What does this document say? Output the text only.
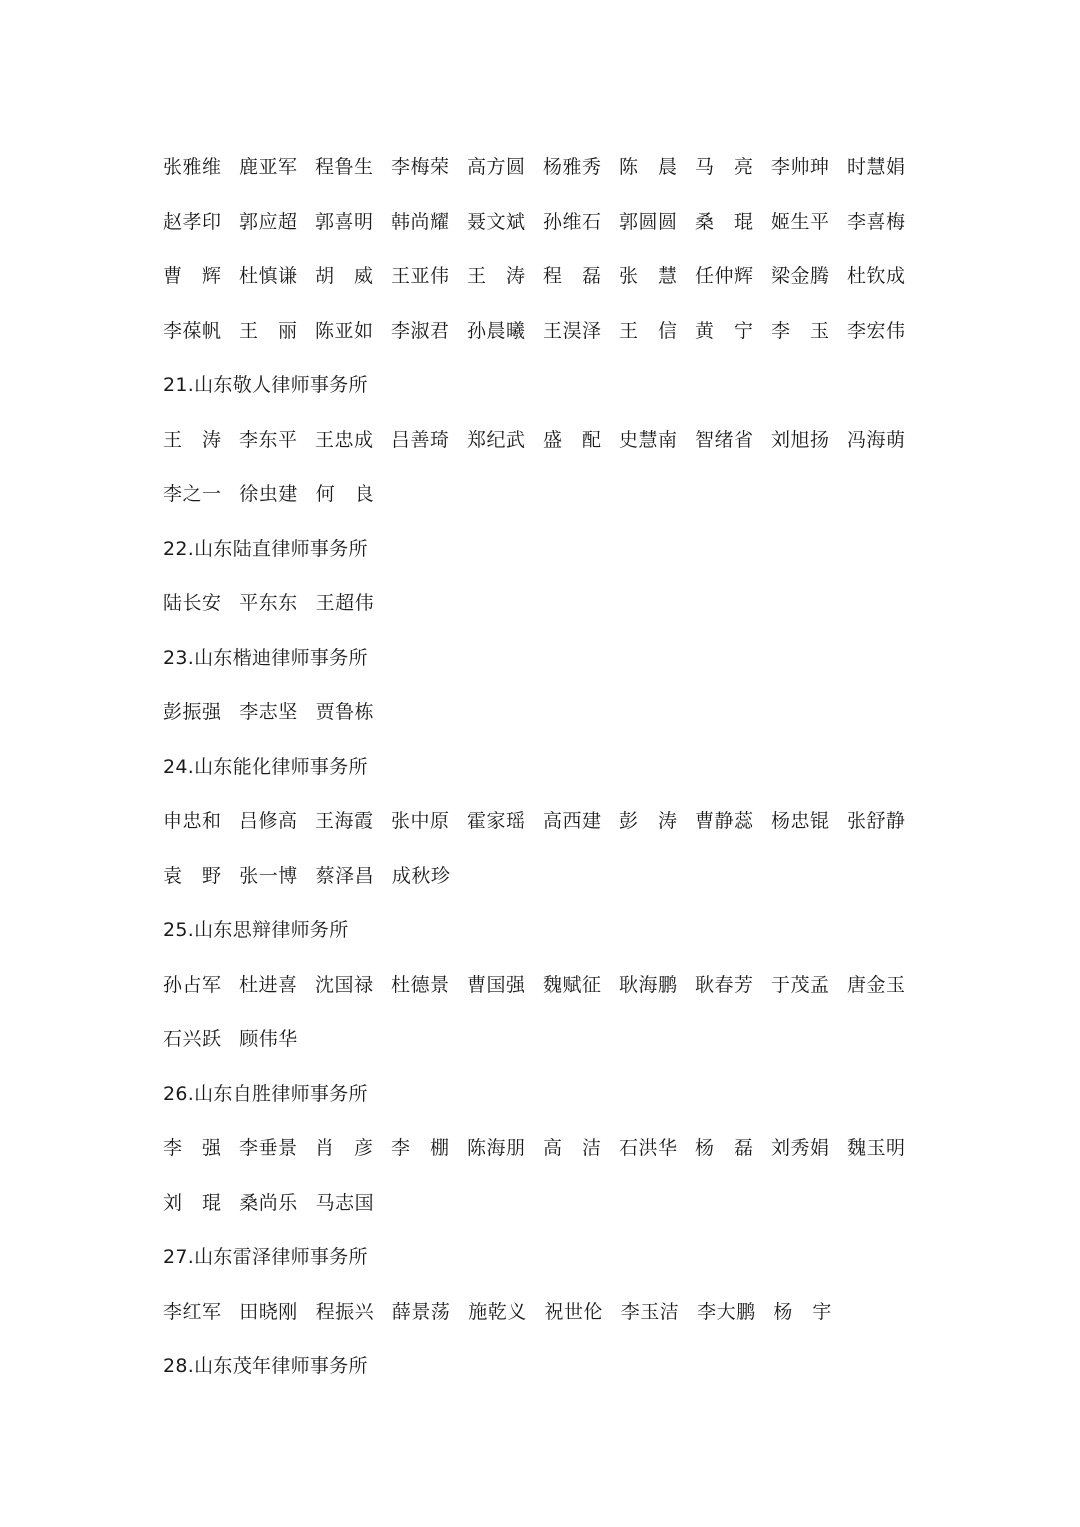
张雅维 鹿亚军 程鲁生 李梅荣 高方圆 杨雅秀 陈　晨 马　亮 李帅珅 时慧娟
赵孝印 郭应超 郭喜明 韩尚耀 聂文斌 孙维石 郭圆圆 桑　琨 姬生平 李喜梅
曹　辉 杜慎谦 胡　威 王亚伟 王　涛 程　磊 张　慧 任仲辉 梁金腾 杜钦成
李葆帆 王　丽 陈亚如 李淑君 孙晨曦 王淏泽 王　信 黄　宁 李　玉 李宏伟
21.山东敬人律师事务所
王　涛 李东平 王忠成 吕善琦 郑纪武 盛　配 史慧南 智绪省 刘旭扬 冯海萌
李之一 徐虫建 何　良
22.山东陆直律师事务所
陆长安 平东东 王超伟
23.山东楷迪律师事务所
彭振强 李志坚 贾鲁栋
24.山东能化律师事务所
申忠和 吕修高 王海霞 张中原 霍家瑶 高西建 彭　涛 曹静蕊 杨忠锟 张舒静
袁　野 张一博 蔡泽昌 成秋珍
25.山东思辩律师务所
孙占军 杜进喜 沈国禄 杜德景 曹国强 魏赋征 耿海鹏 耿春芳 于茂孟 唐金玉
石兴跃 顾伟华
26.山东自胜律师事务所
李　强 李垂景 肖　彦 李　棚 陈海朋 高　洁 石洪华 杨　磊 刘秀娟 魏玉明
刘　琨 桑尚乐 马志国
27.山东雷泽律师事务所
李红军 田晓刚 程振兴 薛景荡 施乾义 祝世伦 李玉洁 李大鹏 杨　宇
28.山东茂年律师事务所
